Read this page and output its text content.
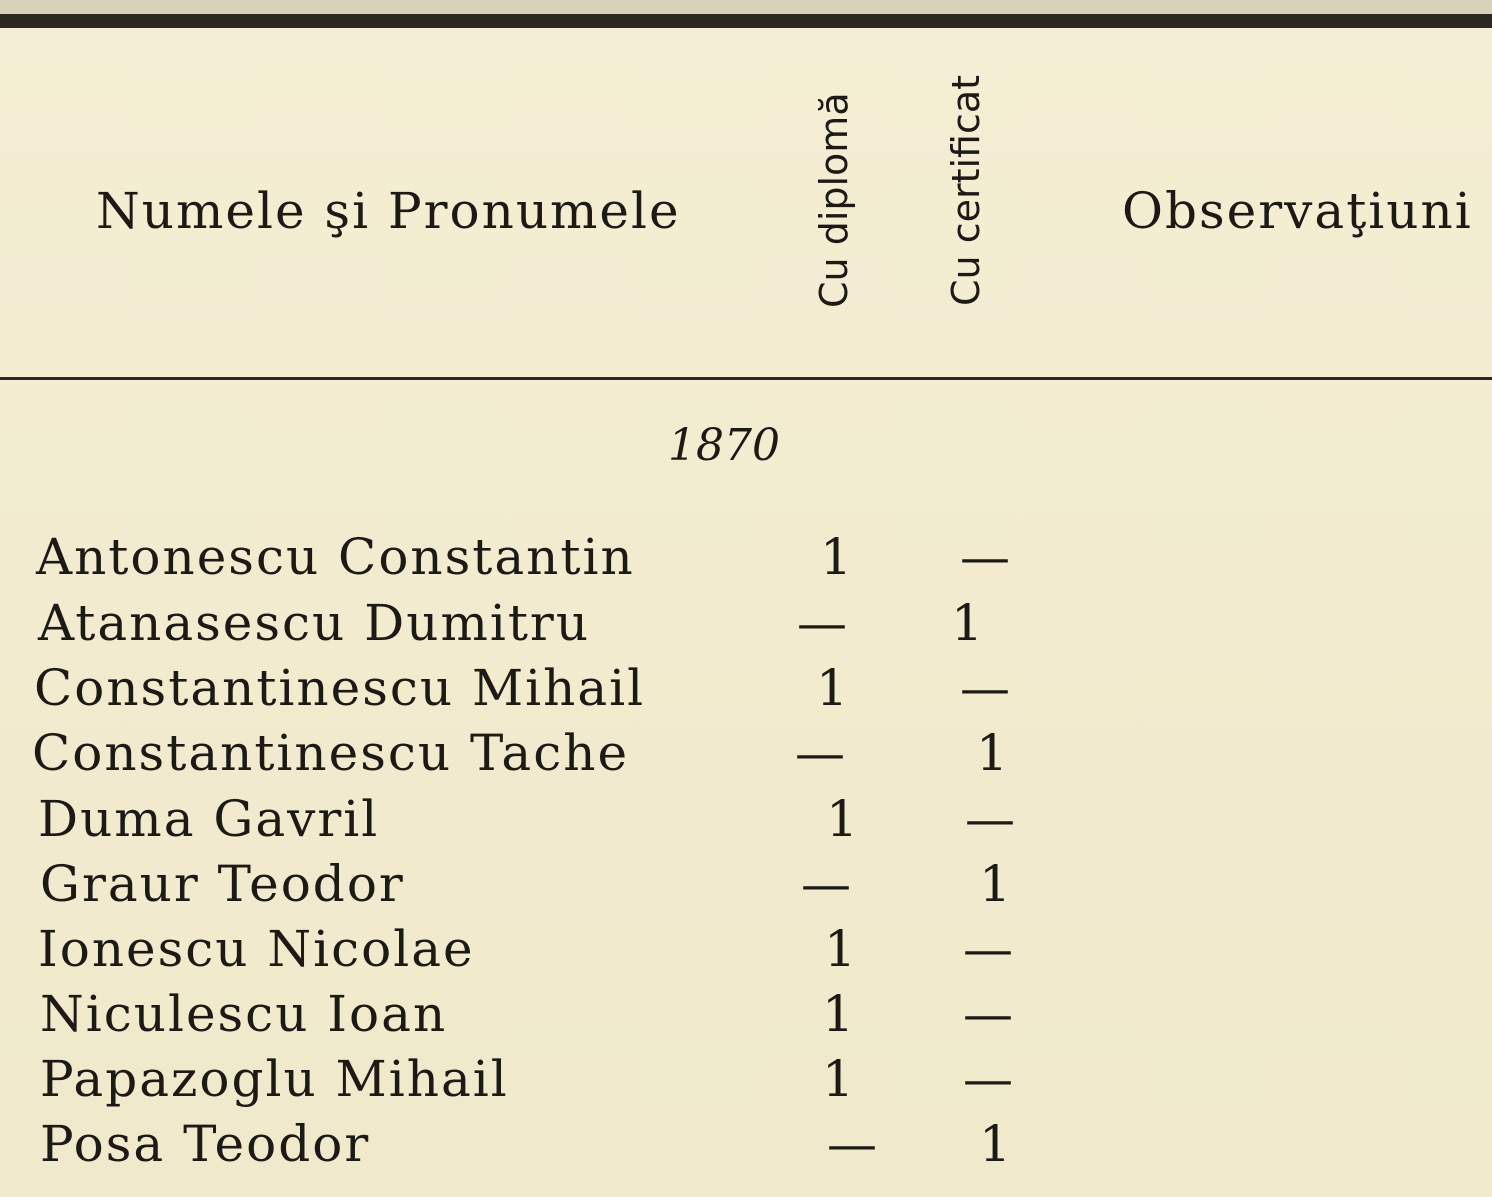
Numele şi Pronumele	Cu diplomă Cu certificat	Observaţiuni
1870
Antonescu Constantin	1 —
Atanasescu Dumitru	— 1
Constantinescu Mihail	1 —
Constantinescu Tache	—	1
Duma Gavril	1 —
Graur Teodor	—	1
Ionescu Nicolae	1 —
Niculescu Ioan	1 —
Papazoglu Mihail	1 —
Posa Teodor	— 1
